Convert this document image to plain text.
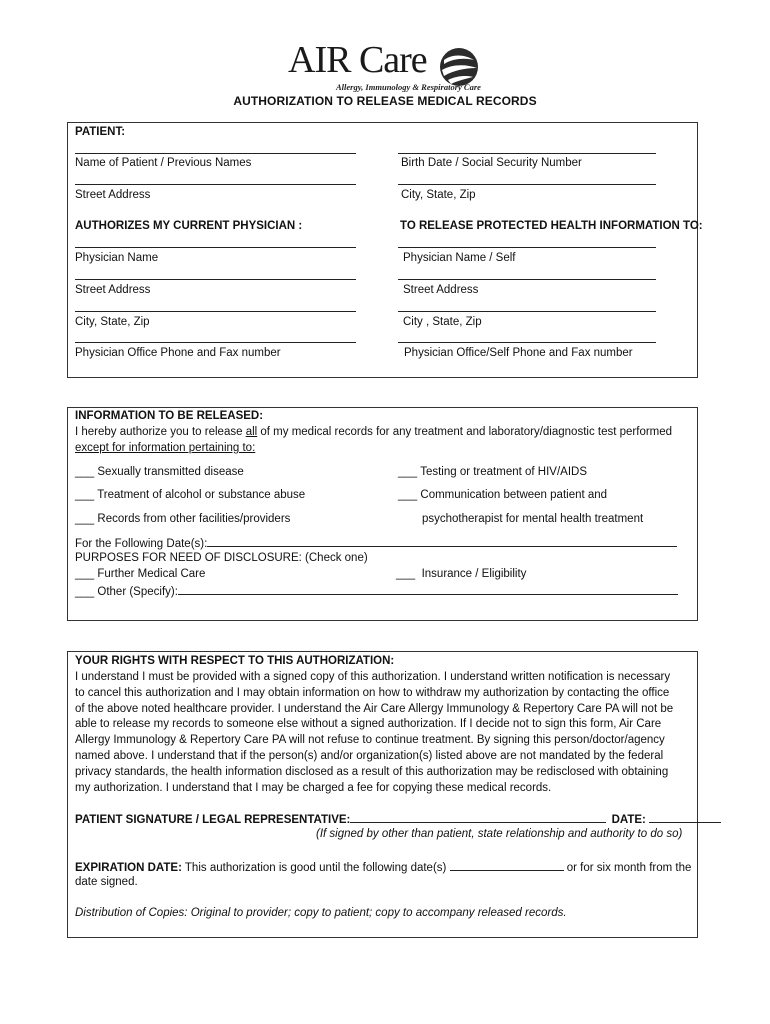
AIR Care
Allergy, Immunology & Respiratory Care
AUTHORIZATION TO RELEASE MEDICAL RECORDS
PATIENT:
Name of Patient / Previous Names	Birth Date / Social Security Number
Street Address	City, State, Zip
AUTHORIZES MY CURRENT PHYSICIAN :	TO RELEASE PROTECTED HEALTH INFORMATION TO:
Physician Name	Physician Name / Self
Street Address	Street Address
City, State, Zip	City , State, Zip
Physician Office Phone and Fax number	Physician Office/Self Phone and Fax number
INFORMATION TO BE RELEASED:
I hereby authorize you to release all of my medical records for any treatment and laboratory/diagnostic test performed
except for information pertaining to:
___ Sexually transmitted disease	___ Testing or treatment of HIV/AIDS
___ Treatment of alcohol or substance abuse	___ Communication between patient and
___ Records from other facilities/providers	psychotherapist for mental health treatment
For the Following Date(s):
PURPOSES FOR NEED OF DISCLOSURE: (Check one)
___ Further Medical Care	___ Insurance / Eligibility
___ Other (Specify):
YOUR RIGHTS WITH RESPECT TO THIS AUTHORIZATION:
I understand I must be provided with a signed copy of this authorization. I understand written notification is necessary
to cancel this authorization and I may obtain information on how to withdraw my authorization by contacting the office
of the above noted healthcare provider. I understand the Air Care Allergy Immunology & Repertory Care PA will not be
able to release my records to someone else without a signed authorization. If I decide not to sign this form, Air Care
Allergy Immunology & Repertory Care PA will not refuse to continue treatment. By signing this person/doctor/agency
named above. I understand that if the person(s) and/or organization(s) listed above are not mandated by the federal
privacy standards, the health information disclosed as a result of this authorization may be redisclosed with obtaining
my authorization. I understand that I may be charged a fee for copying these medical records.
PATIENT SIGNATURE / LEGAL REPRESENTATIVE:	DATE:
(If signed by other than patient, state relationship and authority to do so)
EXPIRATION DATE: This authorization is good until the following date(s)	or for six month from the
date signed.
Distribution of Copies: Original to provider; copy to patient; copy to accompany released records.
